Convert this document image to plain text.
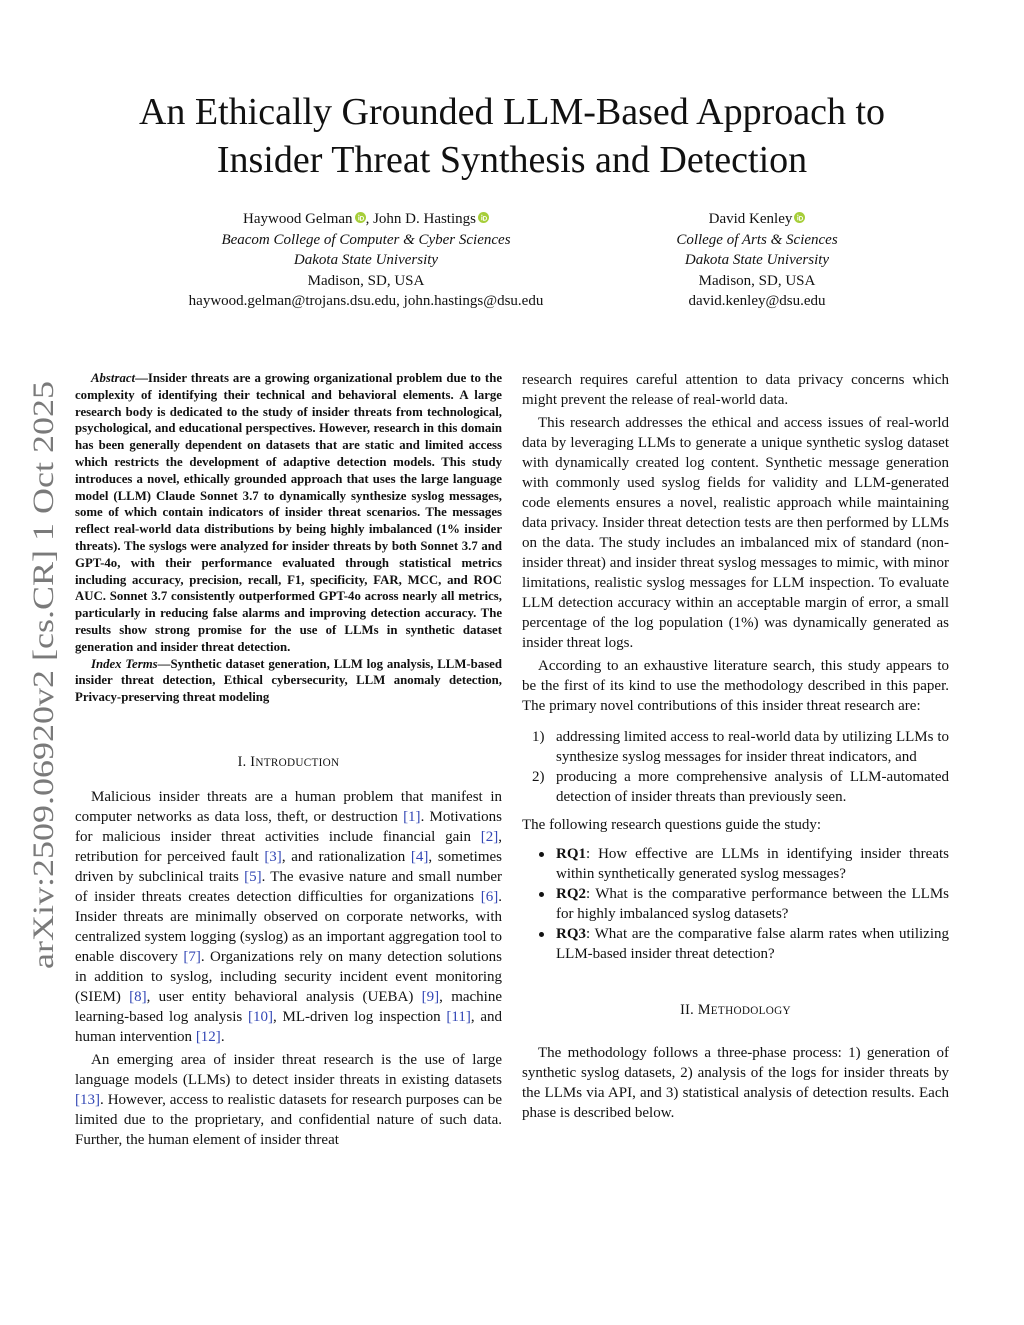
arXiv:2509.06920v2 [cs.CR] 1 Oct 2025
An Ethically Grounded LLM-Based Approach to
Insider Threat Synthesis and Detection
Haywood Gelman , John D. Hastings
Beacom College of Computer & Cyber Sciences
Dakota State University
Madison, SD, USA
haywood.gelman@trojans.dsu.edu, john.hastings@dsu.edu
David Kenley
College of Arts & Sciences
Dakota State University
Madison, SD, USA
david.kenley@dsu.edu

Abstract—Insider threats are a growing organizational problem due to the complexity of identifying their technical and behavioral elements. A large research body is dedicated to the study of insider threats from technological, psychological, and educational perspectives. However, research in this domain has been generally dependent on datasets that are static and limited access which restricts the development of adaptive detection models. This study introduces a novel, ethically grounded approach that uses the large language model (LLM) Claude Sonnet 3.7 to dynamically synthesize syslog messages, some of which contain indicators of insider threat scenarios. The messages reflect real-world data distributions by being highly imbalanced (1% insider threats). The syslogs were analyzed for insider threats by both Sonnet 3.7 and GPT-4o, with their performance evaluated through statistical metrics including accuracy, precision, recall, F1, specificity, FAR, MCC, and ROC AUC. Sonnet 3.7 consistently outperformed GPT-4o across nearly all metrics, particularly in reducing false alarms and improving detection accuracy. The results show strong promise for the use of LLMs in synthetic dataset generation and insider threat detection.

Index Terms—Synthetic dataset generation, LLM log analysis, LLM-based insider threat detection, Ethical cybersecurity, LLM anomaly detection, Privacy-preserving threat modeling

I. INTRODUCTION

Malicious insider threats are a human problem that manifest in computer networks as data loss, theft, or destruction [1]. Motivations for malicious insider threat activities include financial gain [2], retribution for perceived fault [3], and rationalization [4], sometimes driven by subclinical traits [5]. The evasive nature and small number of insider threats creates detection difficulties for organizations [6]. Insider threats are minimally observed on corporate networks, with centralized system logging (syslog) as an important aggregation tool to enable discovery [7]. Organizations rely on many detection solutions in addition to syslog, including security incident event monitoring (SIEM) [8], user entity behavioral analysis (UEBA) [9], machine learning-based log analysis [10], ML-driven log inspection [11], and human intervention [12].

An emerging area of insider threat research is the use of large language models (LLMs) to detect insider threats in existing datasets [13]. However, access to realistic datasets for research purposes can be limited due to the proprietary, and confidential nature of such data. Further, the human element of insider threat

research requires careful attention to data privacy concerns which might prevent the release of real-world data.

This research addresses the ethical and access issues of real-world data by leveraging LLMs to generate a unique synthetic syslog dataset with dynamically created log content. Synthetic message generation with commonly used syslog fields for validity and LLM-generated code elements ensures a novel, realistic approach while maintaining data privacy. Insider threat detection tests are then performed by LLMs on the data. The study includes an imbalanced mix of standard (non-insider threat) and insider threat syslog messages to mimic, with minor limitations, realistic syslog messages for LLM inspection. To evaluate LLM detection accuracy within an acceptable margin of error, a small percentage of the log population (1%) was dynamically generated as insider threat logs.

According to an exhaustive literature search, this study appears to be the first of its kind to use the methodology described in this paper. The primary novel contributions of this insider threat research are:

1) addressing limited access to real-world data by utilizing LLMs to synthesize syslog messages for insider threat indicators, and
2) producing a more comprehensive analysis of LLM-automated detection of insider threats than previously seen.

The following research questions guide the study:

RQ1: How effective are LLMs in identifying insider threats within synthetically generated syslog messages?
RQ2: What is the comparative performance between the LLMs for highly imbalanced syslog datasets?
RQ3: What are the comparative false alarm rates when utilizing LLM-based insider threat detection?

II. METHODOLOGY

The methodology follows a three-phase process: 1) generation of synthetic syslog datasets, 2) analysis of the logs for insider threats by the LLMs via API, and 3) statistical analysis of detection results. Each phase is described below.
